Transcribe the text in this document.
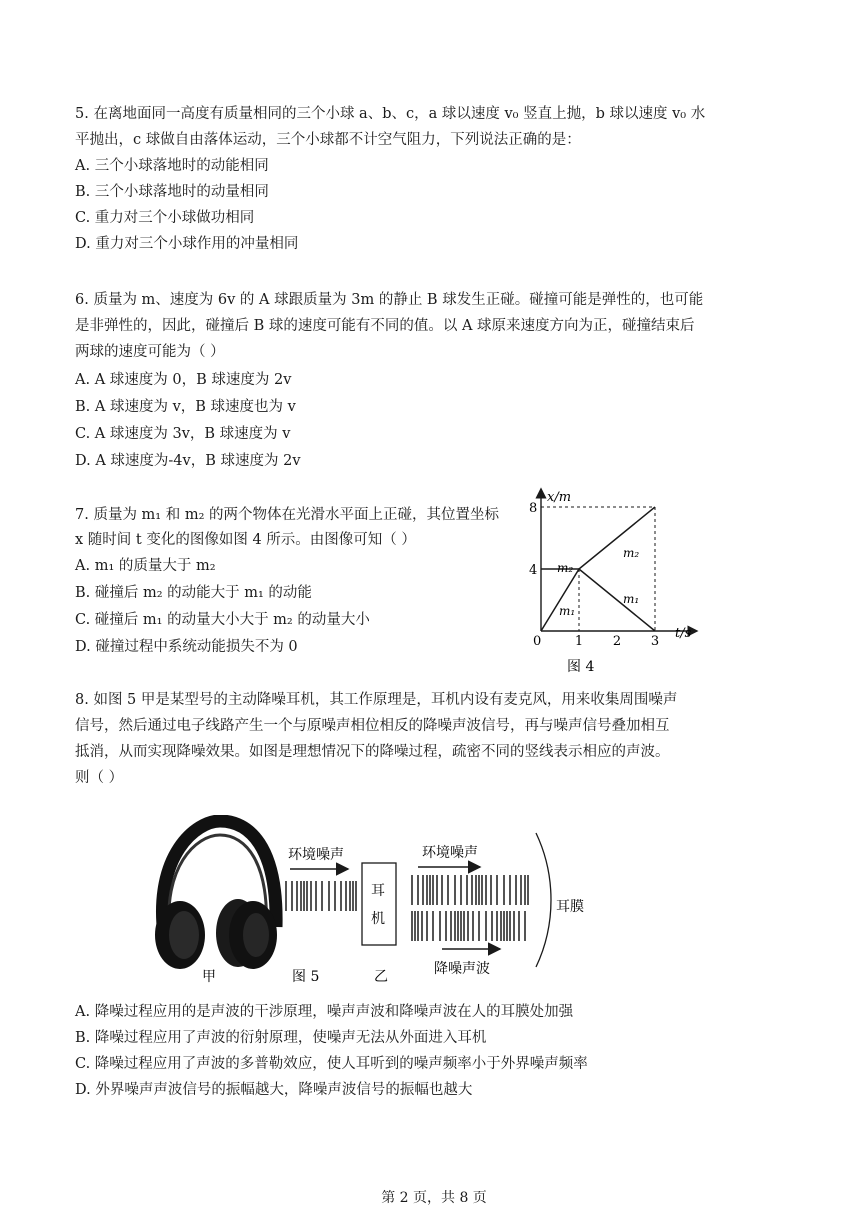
5. 在离地面同一高度有质量相同的三个小球 a、b、c，a 球以速度 v₀ 竖直上抛，b 球以速度 v₀ 水
平抛出，c 球做自由落体运动，三个小球都不计空气阻力，下列说法正确的是：
A. 三个小球落地时的动能相同
B. 三个小球落地时的动量相同
C. 重力对三个小球做功相同
D. 重力对三个小球作用的冲量相同
6. 质量为 m、速度为 6v 的 A 球跟质量为 3m 的静止 B 球发生正碰。碰撞可能是弹性的，也可能
是非弹性的，因此，碰撞后 B 球的速度可能有不同的值。以 A 球原来速度方向为正，碰撞结束后
两球的速度可能为（ ）
A. A 球速度为 0，B 球速度为 2v
B. A 球速度为 v，B 球速度也为 v
C. A 球速度为 3v，B 球速度为 v
D. A 球速度为-4v，B 球速度为 2v
7. 质量为 m₁ 和 m₂ 的两个物体在光滑水平面上正碰，其位置坐标
x 随时间 t 变化的图像如图 4 所示。由图像可知（ ）
A. m₁ 的质量大于 m₂
B. 碰撞后 m₂ 的动能大于 m₁ 的动能
C. 碰撞后 m₁ 的动量大小大于 m₂ 的动量大小
D. 碰撞过程中系统动能损失不为 0
x/m
t/s
0
4
8
1 2 3
m₂
m₁
m₂
m₁
图 4
8. 如图 5 甲是某型号的主动降噪耳机，其工作原理是，耳机内设有麦克风，用来收集周围噪声
信号，然后通过电子线路产生一个与原噪声相位相反的降噪声波信号，再与噪声信号叠加相互
抵消，从而实现降噪效果。如图是理想情况下的降噪过程，疏密不同的竖线表示相应的声波。
则（ ）
甲	图 5	乙
环境噪声
耳
机
环境噪声
降噪声波
耳膜
A. 降噪过程应用的是声波的干涉原理，噪声声波和降噪声波在人的耳膜处加强
B. 降噪过程应用了声波的衍射原理，使噪声无法从外面进入耳机
C. 降噪过程应用了声波的多普勒效应，使人耳听到的噪声频率小于外界噪声频率
D. 外界噪声声波信号的振幅越大，降噪声波信号的振幅也越大
第 2 页，共 8 页
